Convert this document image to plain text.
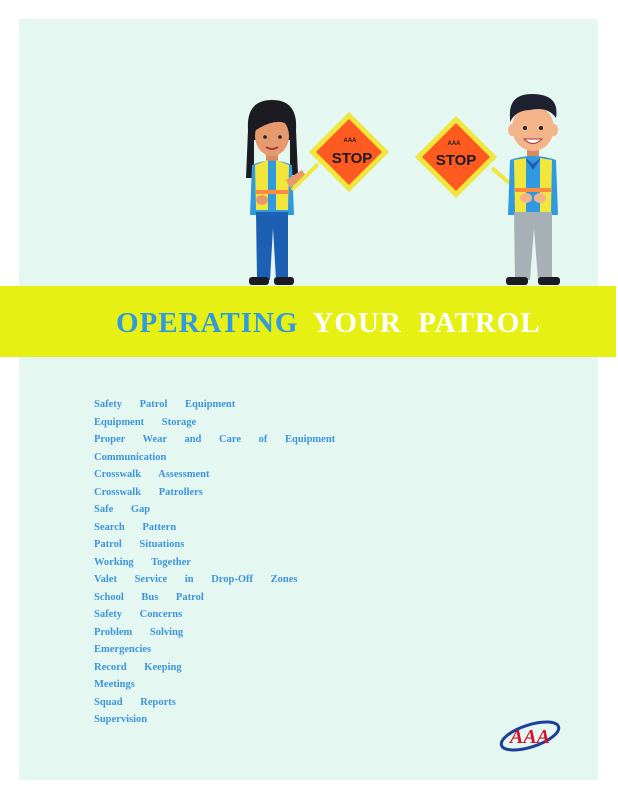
STOP
AAA
STOP
AAA
OPERATING YOUR PATROL
Safety Patrol Equipment
Equipment Storage
Proper Wear and Care of Equipment
Communication
Crosswalk Assessment
Crosswalk Patrollers
Safe Gap
Search Pattern
Patrol Situations
Working Together
Valet Service in Drop-Off Zones
School Bus Patrol
Safety Concerns
Problem Solving
Emergencies
Record Keeping
Meetings
Squad Reports
Supervision
AAA
